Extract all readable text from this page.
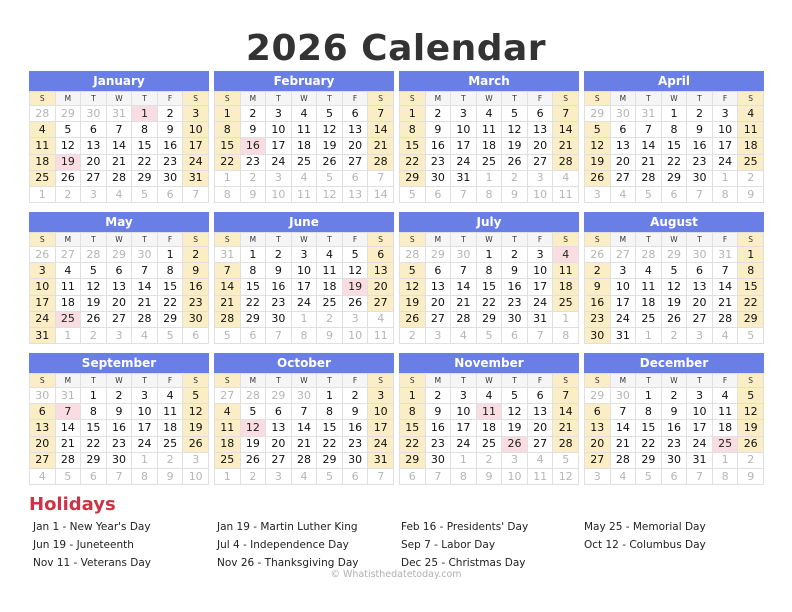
2026 Calendar
January
S	M	T	W	T	F	S
28	29	30	31	1	2	3
4	5	6	7	8	9	10
11	12	13	14	15	16	17
18	19	20	21	22	23	24
25	26	27	28	29	30	31
1	2	3	4	5	6	7
February
S	M	T	W	T	F	S
1	2	3	4	5	6	7
8	9	10	11	12	13	14
15	16	17	18	19	20	21
22	23	24	25	26	27	28
1	2	3	4	5	6	7
8	9	10	11	12	13	14
March
S	M	T	W	T	F	S
1	2	3	4	5	6	7
8	9	10	11	12	13	14
15	16	17	18	19	20	21
22	23	24	25	26	27	28
29	30	31	1	2	3	4
5	6	7	8	9	10	11
April
S	M	T	W	T	F	S
29	30	31	1	2	3	4
5	6	7	8	9	10	11
12	13	14	15	16	17	18
19	20	21	22	23	24	25
26	27	28	29	30	1	2
3	4	5	6	7	8	9
May
S	M	T	W	T	F	S
26	27	28	29	30	1	2
3	4	5	6	7	8	9
10	11	12	13	14	15	16
17	18	19	20	21	22	23
24	25	26	27	28	29	30
31	1	2	3	4	5	6
June
S	M	T	W	T	F	S
31	1	2	3	4	5	6
7	8	9	10	11	12	13
14	15	16	17	18	19	20
21	22	23	24	25	26	27
28	29	30	1	2	3	4
5	6	7	8	9	10	11
July
S	M	T	W	T	F	S
28	29	30	1	2	3	4
5	6	7	8	9	10	11
12	13	14	15	16	17	18
19	20	21	22	23	24	25
26	27	28	29	30	31	1
2	3	4	5	6	7	8
August
S	M	T	W	T	F	S
26	27	28	29	30	31	1
2	3	4	5	6	7	8
9	10	11	12	13	14	15
16	17	18	19	20	21	22
23	24	25	26	27	28	29
30	31	1	2	3	4	5
September
S	M	T	W	T	F	S
30	31	1	2	3	4	5
6	7	8	9	10	11	12
13	14	15	16	17	18	19
20	21	22	23	24	25	26
27	28	29	30	1	2	3
4	5	6	7	8	9	10
October
S	M	T	W	T	F	S
27	28	29	30	1	2	3
4	5	6	7	8	9	10
11	12	13	14	15	16	17
18	19	20	21	22	23	24
25	26	27	28	29	30	31
1	2	3	4	5	6	7
November
S	M	T	W	T	F	S
1	2	3	4	5	6	7
8	9	10	11	12	13	14
15	16	17	18	19	20	21
22	23	24	25	26	27	28
29	30	1	2	3	4	5
6	7	8	9	10	11	12
December
S	M	T	W	T	F	S
29	30	1	2	3	4	5
6	7	8	9	10	11	12
13	14	15	16	17	18	19
20	21	22	23	24	25	26
27	28	29	30	31	1	2
3	4	5	6	7	8	9
Holidays
Jan 1 - New Year's Day
Jun 19 - Juneteenth
Nov 11 - Veterans Day
Jan 19 - Martin Luther King
Jul 4 - Independence Day
Nov 26 - Thanksgiving Day
Feb 16 - Presidents' Day
Sep 7 - Labor Day
Dec 25 - Christmas Day
May 25 - Memorial Day
Oct 12 - Columbus Day
© Whatisthedatetoday.com
